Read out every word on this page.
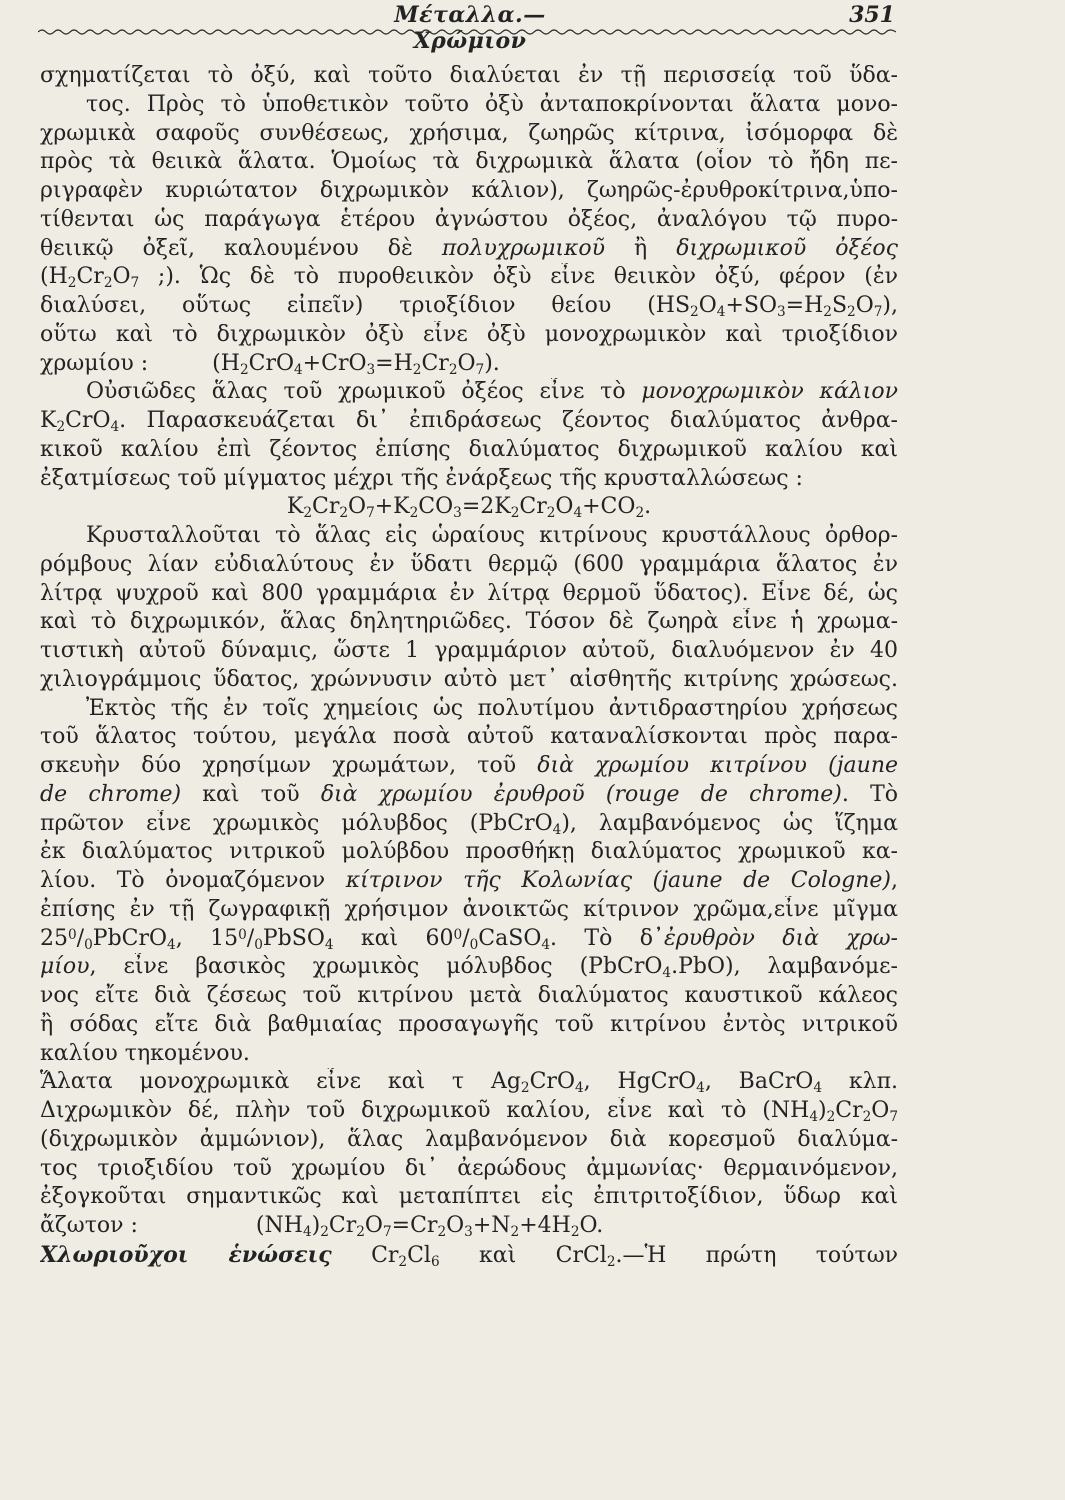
Μέταλλα.—Χρώμιον
351
σχηματίζεται τὸ ὀξύ, καὶ τοῦτο διαλύεται ἐν τῇ περισσείᾳ τοῦ ὕδα-
τος. Πρὸς τὸ ὑποθετικὸν τοῦτο ὀξὺ ἀνταποκρίνονται ἅλατα μονο-
χρωμικὰ σαφοῦς συνθέσεως, χρήσιμα, ζωηρῶς κίτρινα, ἰσόμορφα δὲ
πρὸς τὰ θειικὰ ἅλατα. Ὁμοίως τὰ διχρωμικὰ ἅλατα (οἷον τὸ ἤδη πε-
ριγραφὲν κυριώτατον διχρωμικὸν κάλιον), ζωηρῶς-ἐρυθροκίτρινα,ὑπο-
τίθενται ὡς παράγωγα ἑτέρου ἀγνώστου ὀξέος, ἀναλόγου τῷ πυρο-
θειικῷ ὀξεῖ, καλουμένου δὲ πολυχρωμικοῦ ἢ διχρωμικοῦ ὀξέος
($H_2Cr_2O_7$ ;). Ὡς δὲ τὸ πυροθειικὸν ὀξὺ εἶνε θειικὸν ὀξύ, φέρον (ἐν
διαλύσει, οὕτως εἰπεῖν) τριοξίδιον θείου $(HS_2O_4+SO_3=H_2S_2O_7)$,
οὕτω καὶ τὸ διχρωμικὸν ὀξὺ εἶνε ὀξὺ μονοχρωμικὸν καὶ τριοξίδιον
χρωμίου :	$(H_2CrO_4+CrO_3=H_2Cr_2O_7)$.
Οὐσιῶδες ἅλας τοῦ χρωμικοῦ ὀξέος εἶνε τὸ μονοχρωμικὸν κάλιον
$K_2CrO_4$. Παρασκευάζεται δι᾽ ἐπιδράσεως ζέοντος διαλύματος ἀνθρα-
κικοῦ καλίου ἐπὶ ζέοντος ἐπίσης διαλύματος διχρωμικοῦ καλίου καὶ
ἐξατμίσεως τοῦ μίγματος μέχρι τῆς ἐνάρξεως τῆς κρυσταλλώσεως :
$K_2Cr_2O_7+K_2CO_3=2K_2Cr_2O_4+CO_2$.
Κρυσταλλοῦται τὸ ἅλας εἰς ὡραίους κιτρίνους κρυστάλλους ὀρθορ-
ρόμβους λίαν εὐδιαλύτους ἐν ὕδατι θερμῷ (600 γραμμάρια ἅλατος ἐν
λίτρᾳ ψυχροῦ καὶ 800 γραμμάρια ἐν λίτρᾳ θερμοῦ ὕδατος). Εἶνε δέ, ὡς
καὶ τὸ διχρωμικόν, ἅλας δηλητηριῶδες. Τόσον δὲ ζωηρὰ εἶνε ἡ χρωμα-
τιστικὴ αὐτοῦ δύναμις, ὥστε 1 γραμμάριον αὐτοῦ, διαλυόμενον ἐν 40
χιλιογράμμοις ὕδατος, χρώννυσιν αὐτὸ μετ᾽ αἰσθητῆς κιτρίνης χρώσεως.
Ἐκτὸς τῆς ἐν τοῖς χημείοις ὡς πολυτίμου ἀντιδραστηρίου χρήσεως
τοῦ ἅλατος τούτου, μεγάλα ποσὰ αὐτοῦ καταναλίσκονται πρὸς παρα-
σκευὴν δύο χρησίμων χρωμάτων, τοῦ διὰ χρωμίου κιτρίνου (jaune
de chrome) καὶ τοῦ διὰ χρωμίου ἐρυθροῦ (rouge de chrome). Τὸ
πρῶτον εἶνε χρωμικὸς μόλυβδος (PbCrO$_4$), λαμβανόμενος ὡς ἵζημα
ἐκ διαλύματος νιτρικοῦ μολύβδου προσθήκῃ διαλύματος χρωμικοῦ κα-
λίου. Τὸ ὀνομαζόμενον κίτρινον τῆς Κολωνίας (jaune de Cologne),
ἐπίσης ἐν τῇ ζωγραφικῇ χρήσιμον ἀνοικτῶς κίτρινον χρῶμα,εἶνε μῖγμα
$25^0/_0PbCrO_4$, $15^0/_0PbSO_4$ καὶ $60^0/_0CaSO_4$. Τὸ δ᾽ἐρυθρὸν διὰ χρω-
μίου, εἶνε βασικὸς χρωμικὸς μόλυβδος (PbCrO$_4$.PbO), λαμβανόμε-
νος εἴτε διὰ ζέσεως τοῦ κιτρίνου μετὰ διαλύματος καυστικοῦ κάλεος
ἢ σόδας εἴτε διὰ βαθμιαίας προσαγωγῆς τοῦ κιτρίνου ἐντὸς νιτρικοῦ
καλίου τηκομένου.
Ἅλατα μονοχρωμικὰ εἶνε καὶ τ $Ag_2CrO_4$, HgCrO$_4$, BaCrO$_4$ κλπ.
Διχρωμικὸν δέ, πλὴν τοῦ διχρωμικοῦ καλίου, εἶνε καὶ τὸ $(NH_4)_2Cr_2O_7$
(διχρωμικὸν ἀμμώνιον), ἅλας λαμβανόμενον διὰ κορεσμοῦ διαλύμα-
τος τριοξιδίου τοῦ χρωμίου δι᾽ ἀερώδους ἀμμωνίας· θερμαινόμενον,
ἐξογκοῦται σημαντικῶς καὶ μεταπίπτει εἰς ἐπιτριτοξίδιον, ὕδωρ καὶ
ἄζωτον :	$(NH_4)_2Cr_2O_7=Cr_2O_3+N_2+4H_2O$.
Χλωριοῦχοι ἑνώσεις $Cr_2Cl_6$ καὶ CrCl$_2$.—Ἡ πρώτη τούτων
